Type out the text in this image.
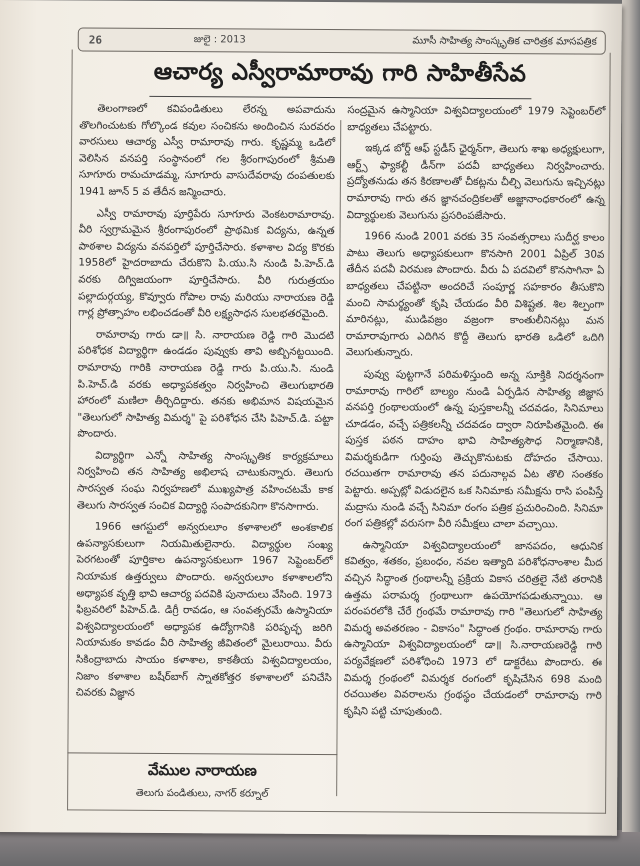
26	జులై : 2013	మూసీ సాహిత్య సాంస్కృతిక చారిత్రక మాసపత్రిక
ఆచార్య ఎస్వీరామారావు గారి సాహితీసేవ

తెలంగాణలో కవిపండితులు లేరన్న అపవాదును తొలగించుటకు గోల్కొండ కవుల సంచికను అందించిన సురవరం వారసులు ఆచార్య ఎస్వీ రామారావు గారు. కృష్ణమ్మ ఒడిలో వెలిసిన వనపర్తి సంస్థానంలో గల శ్రీరంగాపురంలో శ్రీమతి సూగూరు రామచూడమ్మ, సూగూరు వాసుదేవరావు దంపతులకు 1941 జూన్ 5 వ తేదీన జన్మించారు.

ఎస్వీ రామారావు పూర్తిపేరు సూగూరు వెంకటరామారావు. వీరి స్వగ్రామమైన శ్రీరంగాపురంలో ప్రాథమిక విద్యను, ఉన్నత పాఠశాల విద్యను వనపర్తిలో పూర్తిచేసారు. కళాశాల విద్య కొరకు 1958లో హైదరాబాదు చేరుకొని పి.యు.సి నుండి పి.హెచ్.డి వరకు దిగ్విజయంగా పూర్తిచేసారు. వీరి గురుత్రయం పల్లాదుర్గయ్య, కొవ్వూరు గోపాల రావు మరియు నారాయణ రెడ్డి గార్ల ప్రోత్సాహం లభించడంతో వీరి లక్ష్యసాధన సులభతరమైంది.

రామారావు గారు డా॥ సి. నారాయణ రెడ్డి గారి మొదటి పరిశోధక విద్యార్థిగా ఉండడం పువ్వుకు తావి అబ్బినట్టయింది. రామారావు గారికి నారాయణ రెడ్డి గారు పి.యు.సి. నుండి పి.హెచ్.డి వరకు అధ్యాపకత్వం నిర్వహించి తెలుగుభారతి హారంలో మణిలా తీర్చిదిద్దారు. తనకు అభిమాన విషయమైన "తెలుగులో సాహిత్య విమర్శ" పై పరిశోధన చేసి పిహెచ్.డి. పట్టా పొందారు.

విద్యార్థిగా ఎన్నో సాహిత్య సాంస్కృతిక కార్యక్రమాలు నిర్వహించి తన సాహిత్య అభిలాష చాటుకున్నారు. తెలుగు సారస్వత సంఘ నిర్వహణలో ముఖ్యపాత్ర వహించటమే కాక తెలుగు సారస్వత సంచిక విద్యార్థి సంపాదకునిగా కొనసాగారు.

1966 ఆగస్టులో అన్వరులూం కళాశాలలో అంశకాలిక ఉపన్యాసకులుగా నియమితులైనారు. విద్యార్థుల సంఖ్య పెరగటంతో పూర్తికాల ఉపన్యాసకులుగా 1967 సెప్టెంబర్‌లో నియామక ఉత్తర్వులు పొందారు. అన్వరులూం కళాశాలలోని అధ్యాపక వృత్తి భావి ఆచార్య పదవికి పునాదులు వేసింది. 1973 ఫిబ్రవరిలో పిహెచ్.డి. డిగ్రీ రావడం, ఆ సంవత్సరమే ఉస్మానియా విశ్వవిద్యాలయంలో అధ్యాపక ఉద్యోగానికి పరిపృచ్ఛ జరిగి నియామకం కావడం వీరి సాహిత్య జీవితంలో మైలురాయి. వీరు సికింద్రాబాదు సాయం కళాశాల, కాకతీయ విశ్వవిద్యాలయం, నిజాం కళాశాల బషీర్‌బాగ్ స్నాతకోత్తర కళాశాలలో పనిచేసి చివరకు విజ్ఞాన

సంద్రమైన ఉస్మానియా విశ్వవిద్యాలయంలో 1979 సెప్టెంబర్‌లో బాధ్యతలు చేపట్టారు.

ఇక్కడ బోర్డ్ ఆఫ్ స్టడీస్ ఛైర్మన్‌గా, తెలుగు శాఖ అధ్యక్షులుగా, ఆర్ట్స్ ఫ్యాకల్టీ డీన్‌గా పదవీ బాధ్యతలు నిర్వహించారు. ప్రద్యోతనుడు తన కిరణాలతో చీకట్లను చీల్చి వెలుగును ఇచ్చినట్లు రామారావు గారు తన జ్ఞానచంద్రికలతో అజ్ఞానాంధకారంలో ఉన్న విద్యార్థులకు వెలుగును ప్రసరింపజేసారు.

1966 నుండి 2001 వరకు 35 సంవత్సరాలు సుదీర్ఘ కాలం పాటు తెలుగు అధ్యాపకులుగా కొనసాగి 2001 ఏప్రిల్ 30వ తేదీన పదవీ విరమణ పొందారు. వీరు ఏ పదవిలో కొనసాగినా ఏ బాధ్యతలు చేపట్టినా అందరిచే సంపూర్ణ సహకారం తీసుకొని మంచి సామర్థ్యంతో కృషి చేయడం వీరి విశిష్టత. శిల శిల్పంగా మారినట్లు, ముడివజ్రం వజ్రంగా కాంతులీనినట్లు మన రామారావుగారు ఎదిగిన కొద్దీ తెలుగు భారతి ఒడిలో ఒదిగి వెలుగుతున్నారు.

పువ్వు పుట్టగానే పరిమళిస్తుంది అన్న సూక్తికి నిదర్శనంగా రామారావు గారిలో బాల్యం నుండి ఏర్పడిన సాహిత్య జిజ్ఞాస వనపర్తి గ్రంథాలయంలో ఉన్న పుస్తకాలన్నీ చదవడం, సినిమాలు చూడడం, వచ్చే పత్రికలన్నీ చదవడం ద్వారా నిరూపితమైంది. ఈ పుస్తక పఠన దాహం భావి సాహిత్యసౌధ నిర్మాణానికి, విమర్శకుడిగా గుర్తింపు తెచ్చుకొనుటకు దోహదం చేసాయి. రచయితగా రామారావు తన పదునాల్గవ ఏట తొలి సంతకం పెట్టారు. అప్పట్లో విడుదలైన ఒక సినిమాకు సమీక్షను రాసి పంపిస్తే మద్రాసు నుండి వచ్చే సినిమా రంగం పత్రిక ప్రచురించింది. సినిమా రంగ పత్రికల్లో వరుసగా వీరి సమీక్షలు చాలా వచ్చాయి.

ఉస్మానియా విశ్వవిద్యాలయంలో జానపదం, ఆధునిక కవిత్వం, శతకం, ప్రబంధం, నవల ఇత్యాది పరిశోధనాంశాల మీద వచ్చిన సిద్ధాంత గ్రంథాలన్నీ ప్రక్రియ వికాస చరిత్రలై నేటి తరానికి ఉత్తమ పరామర్శ గ్రంథాలుగా ఉపయోగపడుతున్నాయి. ఆ పరంపరలోకి చేరే గ్రంథమే రామారావు గారి "తెలుగులో సాహిత్య విమర్శ అవతరణం - వికాసం" సిద్ధాంత గ్రంథం. రామారావు గారు ఉస్మానియా విశ్వవిద్యాలయంలో డా॥ సి.నారాయణరెడ్డి గారి పర్యవేక్షణలో పరిశోధించి 1973 లో డాక్టరేటు పొందారు. ఈ విమర్శ గ్రంథంలో విమర్శక రంగంలో కృషిచేసిన 698 మంది రచయితల వివరాలను గ్రంథస్థం చేయడంలో రామారావు గారి కృషిని పట్టి చూపుతుంది.

వేముల నారాయణ
తెలుగు పండితులు, నాగర్ కర్నూల్
